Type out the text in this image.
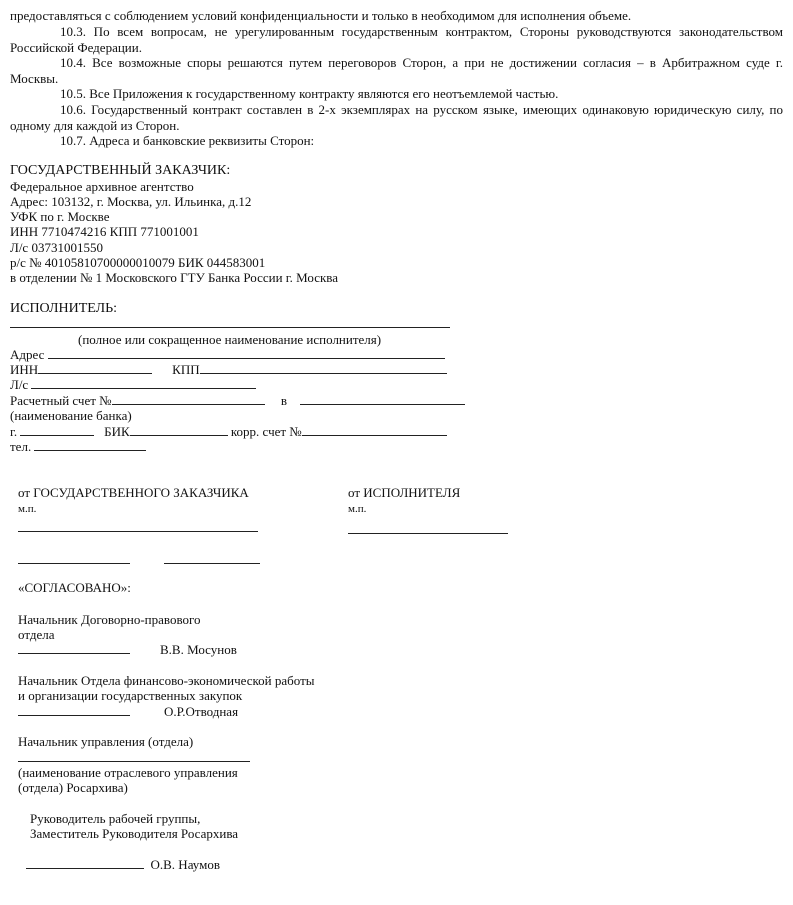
предоставляться с соблюдением условий конфиденциальности и только в необходимом для исполнения объеме.
10.3. По всем вопросам, не урегулированным государственным контрактом, Стороны руководствуются законодательством Российской Федерации.
10.4. Все возможные споры решаются путем переговоров Сторон, а при не достижении согласия – в Арбитражном суде г. Москвы.
10.5. Все Приложения к государственному контракту являются его неотъемлемой частью.
10.6. Государственный контракт составлен в 2-х экземплярах на русском языке, имеющих одинаковую юридическую силу, по одному для каждой из Сторон.
10.7. Адреса и банковские реквизиты Сторон:
ГОСУДАРСТВЕННЫЙ ЗАКАЗЧИК:
Федеральное архивное агентство
Адрес: 103132, г. Москва, ул. Ильинка, д.12
УФК по г. Москве
ИНН 7710474216 КПП 771001001
Л/с 03731001550
р/с № 40105810700000010079 БИК 044583001
в отделении № 1 Московского ГТУ Банка России г. Москва
ИСПОЛНИТЕЛЬ:
(полное или сокращенное наименование исполнителя)
Адрес
ИНН	КПП
Л/с
Расчетный счет №	в
(наименование банка)
г.	БИК	корр. счет №
тел.
от ГОСУДАРСТВЕННОГО ЗАКАЗЧИКА	от ИСПОЛНИТЕЛЯ
м.п.	м.п.
«СОГЛАСОВАНО»:
Начальник Договорно-правового
отдела
В.В. Мосунов
Начальник Отдела финансово-экономической работы
и организации государственных закупок
О.Р.Отводная
Начальник управления (отдела)
(наименование отраслевого управления
(отдела) Росархива)
Руководитель рабочей группы,
Заместитель Руководителя Росархива
О.В. Наумов
